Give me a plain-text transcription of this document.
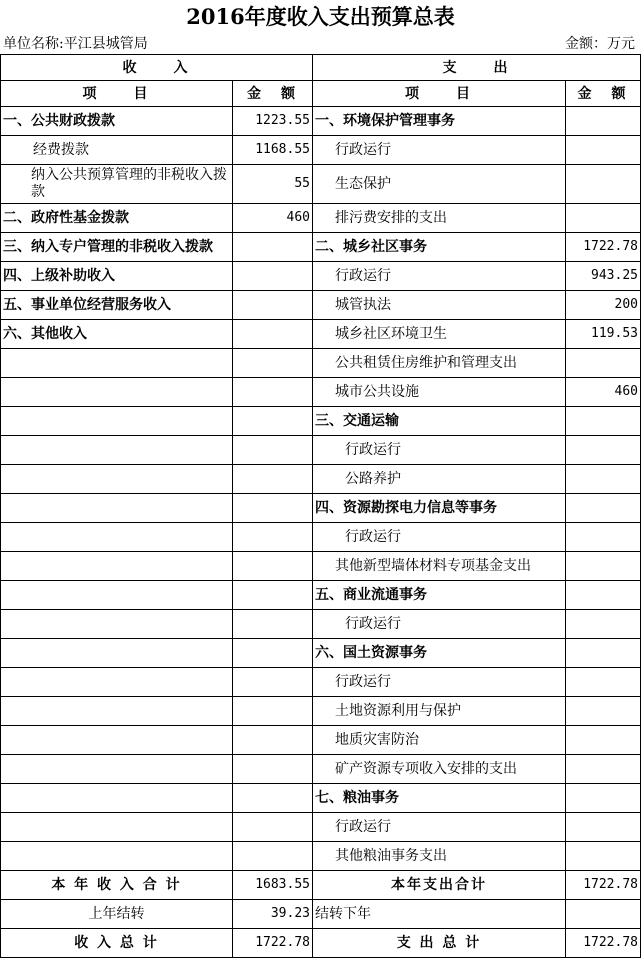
2016年度收入支出预算总表
单位名称:平江县城管局	金额：万元
收　　入		支　　出	
项　　目	金　额	项　　目	金　额
一、公共财政拨款	1223.55	一、环境保护管理事务	
经费拨款	1168.55	行政运行	
纳入公共预算管理的非税收入拨款	55	生态保护	
二、政府性基金拨款	460	排污费安排的支出	
三、纳入专户管理的非税收入拨款		二、城乡社区事务	1722.78
四、上级补助收入		行政运行	943.25
五、事业单位经营服务收入		城管执法	200
六、其他收入		城乡社区环境卫生	119.53
		公共租赁住房维护和管理支出	
		城市公共设施	460
		三、交通运输	
		行政运行	
		公路养护	
		四、资源勘探电力信息等事务	
		行政运行	
		其他新型墙体材料专项基金支出	
		五、商业流通事务	
		行政运行	
		六、国土资源事务	
		行政运行	
		土地资源利用与保护	
		地质灾害防治	
		矿产资源专项收入安排的支出	
		七、粮油事务	
		行政运行	
		其他粮油事务支出	
本 年 收 入 合 计	1683.55	本年支出合计	1722.78
上年结转	39.23	结转下年	
收 入 总 计	1722.78	支 出 总 计	1722.78
